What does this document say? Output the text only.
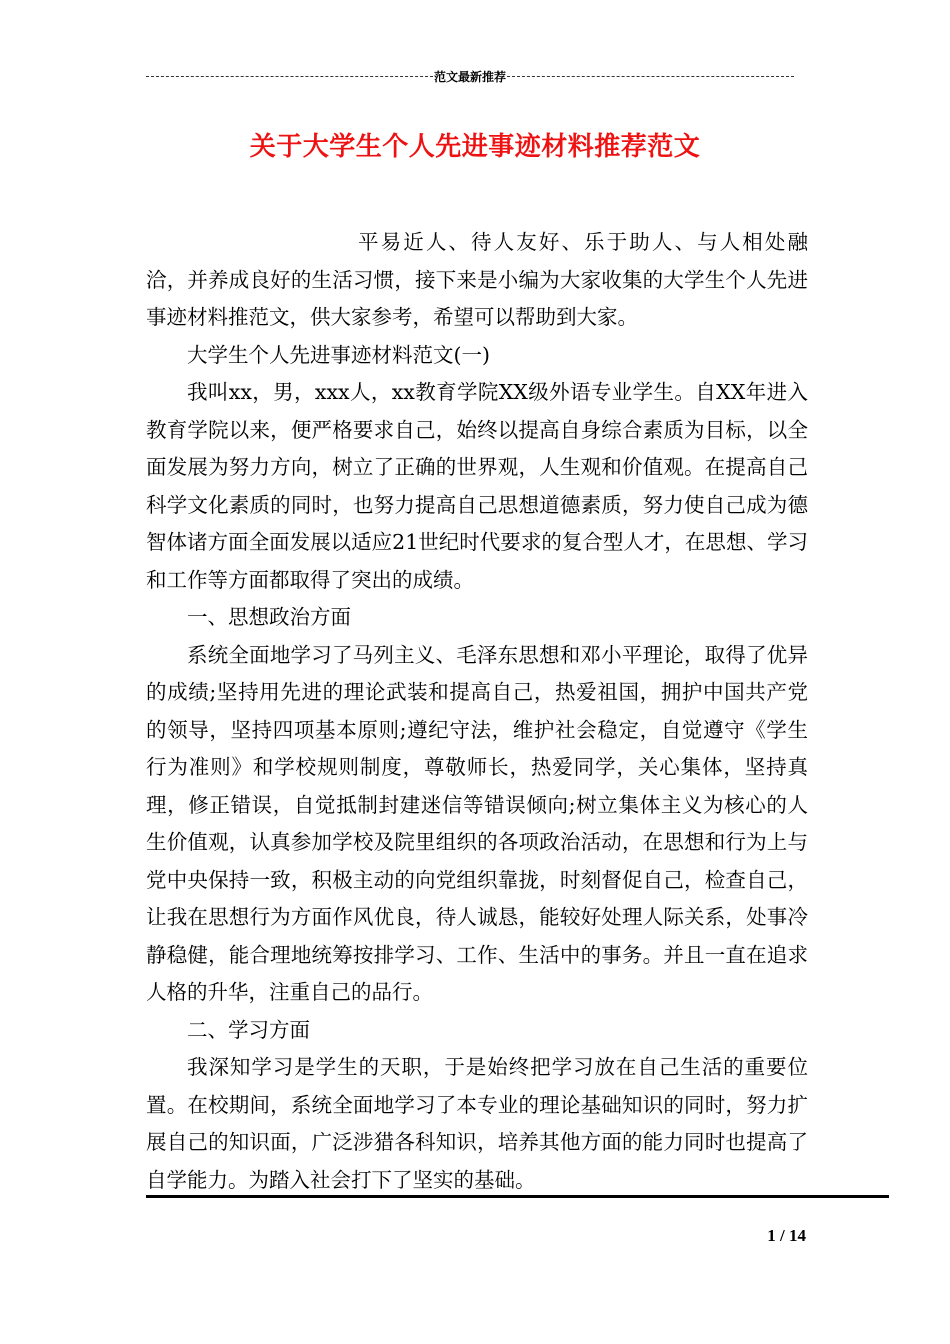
范文最新推荐
关于大学生个人先进事迹材料推荐范文

平易近人、待人友好、乐于助人、与人相处融洽，并养成良好的生活习惯，接下来是小编为大家收集的大学生个人先进事迹材料推范文，供大家参考，希望可以帮助到大家。

大学生个人先进事迹材料范文(一)

我叫xx，男，xxx人，xx教育学院XX级外语专业学生。自XX年进入教育学院以来，便严格要求自己，始终以提高自身综合素质为目标，以全面发展为努力方向，树立了正确的世界观，人生观和价值观。在提高自己科学文化素质的同时，也努力提高自己思想道德素质，努力使自己成为德智体诸方面全面发展以适应21世纪时代要求的复合型人才，在思想、学习和工作等方面都取得了突出的成绩。

一、思想政治方面

系统全面地学习了马列主义、毛泽东思想和邓小平理论，取得了优异的成绩;坚持用先进的理论武装和提高自己，热爱祖国，拥护中国共产党的领导，坚持四项基本原则;遵纪守法，维护社会稳定，自觉遵守《学生行为准则》和学校规则制度，尊敬师长，热爱同学，关心集体，坚持真理，修正错误，自觉抵制封建迷信等错误倾向;树立集体主义为核心的人生价值观，认真参加学校及院里组织的各项政治活动，在思想和行为上与党中央保持一致，积极主动的向党组织靠拢，时刻督促自己，检查自己，让我在思想行为方面作风优良，待人诚恳，能较好处理人际关系，处事冷静稳健，能合理地统筹按排学习、工作、生活中的事务。并且一直在追求人格的升华，注重自己的品行。

二、学习方面

我深知学习是学生的天职，于是始终把学习放在自己生活的重要位置。在校期间，系统全面地学习了本专业的理论基础知识的同时，努力扩展自己的知识面，广泛涉猎各科知识，培养其他方面的能力同时也提高了自学能力。为踏入社会打下了坚实的基础。

1 / 14
